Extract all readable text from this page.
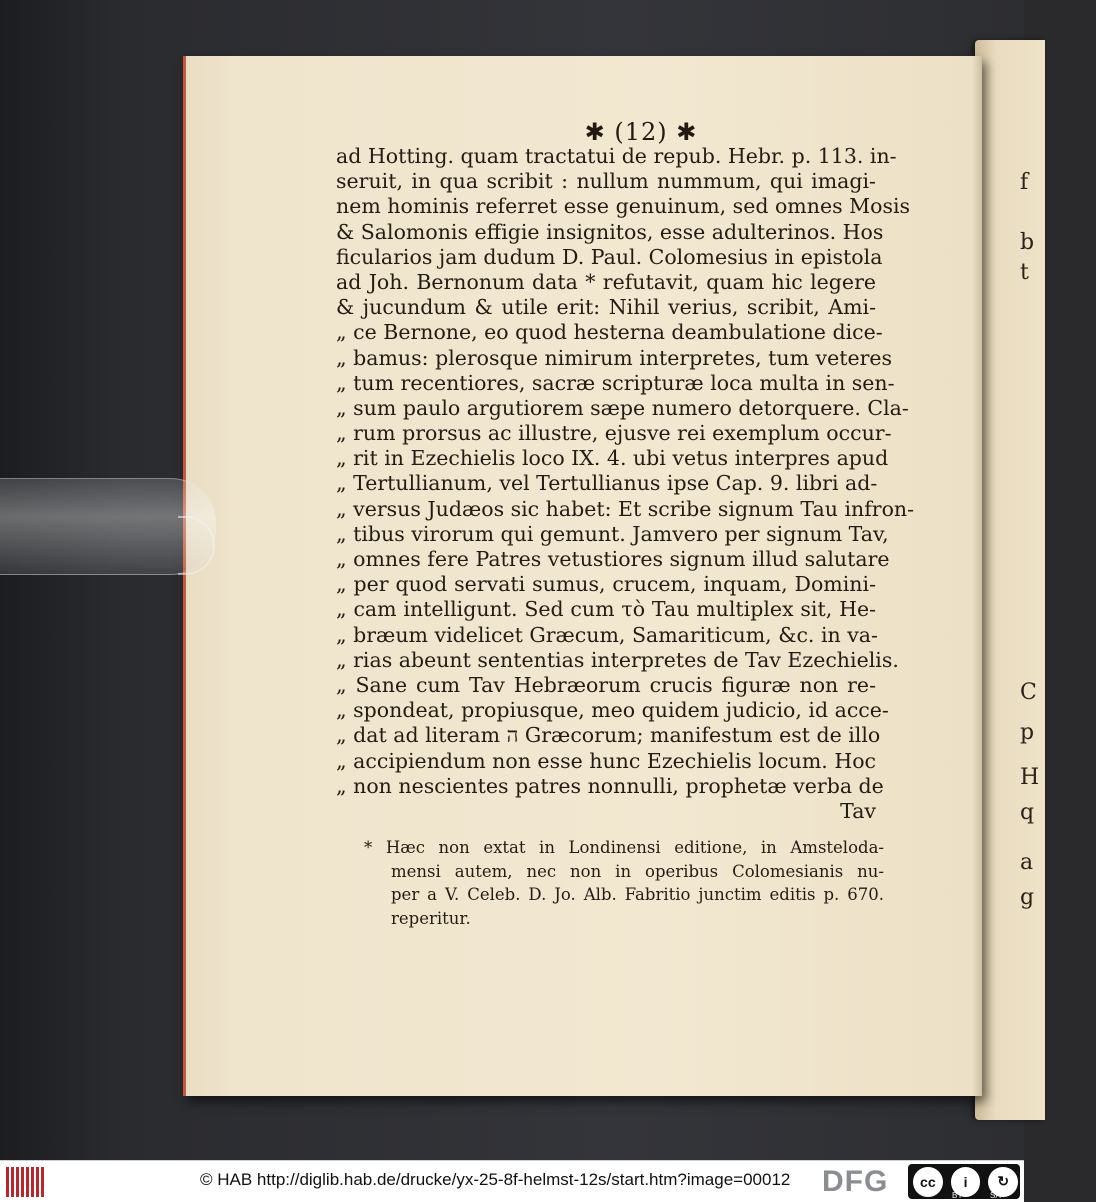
f
b
t
C
p
H
q
a
g
✱ (12) ✱
ad Hotting. quam tractatui de repub. Hebr. p. 113. in-
seruit, in qua scribit : nullum nummum, qui imagi-
nem hominis referret esse genuinum, sed omnes Mosis
& Salomonis effigie insignitos, esse adulterinos. Hos
ficularios jam dudum D. Paul. Colomesius in epistola
ad Joh. Bernonum data * refutavit, quam hic legere
& jucundum & utile erit: Nihil verius, scribit, Ami-
„ ce Bernone, eo quod hesterna deambulatione dice-
„ bamus: plerosque nimirum interpretes, tum veteres
„ tum recentiores, sacræ scripturæ loca multa in sen-
„ sum paulo argutiorem sæpe numero detorquere. Cla-
„ rum prorsus ac illustre, ejusve rei exemplum occur-
„ rit in Ezechielis loco IX. 4. ubi vetus interpres apud
„ Tertullianum, vel Tertullianus ipse Cap. 9. libri ad-
„ versus Judæos sic habet: Et scribe signum Tau infron-
„ tibus virorum qui gemunt. Jamvero per signum Tav,
„ omnes fere Patres vetustiores signum illud salutare
„ per quod servati sumus, crucem, inquam, Domini-
„ cam intelligunt. Sed cum τὸ Tau multiplex sit, He-
„ bræum videlicet Græcum, Samariticum, &c. in va-
„ rias abeunt sententias interpretes de Tav Ezechielis.
„ Sane cum Tav Hebræorum crucis figuræ non re-
„ spondeat, propiusque, meo quidem judicio, id acce-
„ dat ad literam ה Græcorum; manifestum est de illo
„ accipiendum non esse hunc Ezechielis locum. Hoc
„ non nescientes patres nonnulli, prophetæ verba de
Tav
* Hæc non extat in Londinensi editione, in Amsteloda-
mensi autem, nec non in operibus Colomesianis nu-
per a V. Celeb. D. Jo. Alb. Fabritio junctim editis p. 670.
reperitur.
© HAB http://diglib.hab.de/drucke/yx-25-8f-helmst-12s/start.htm?image=00012 DFG	cc	i	↻
BY	SA
